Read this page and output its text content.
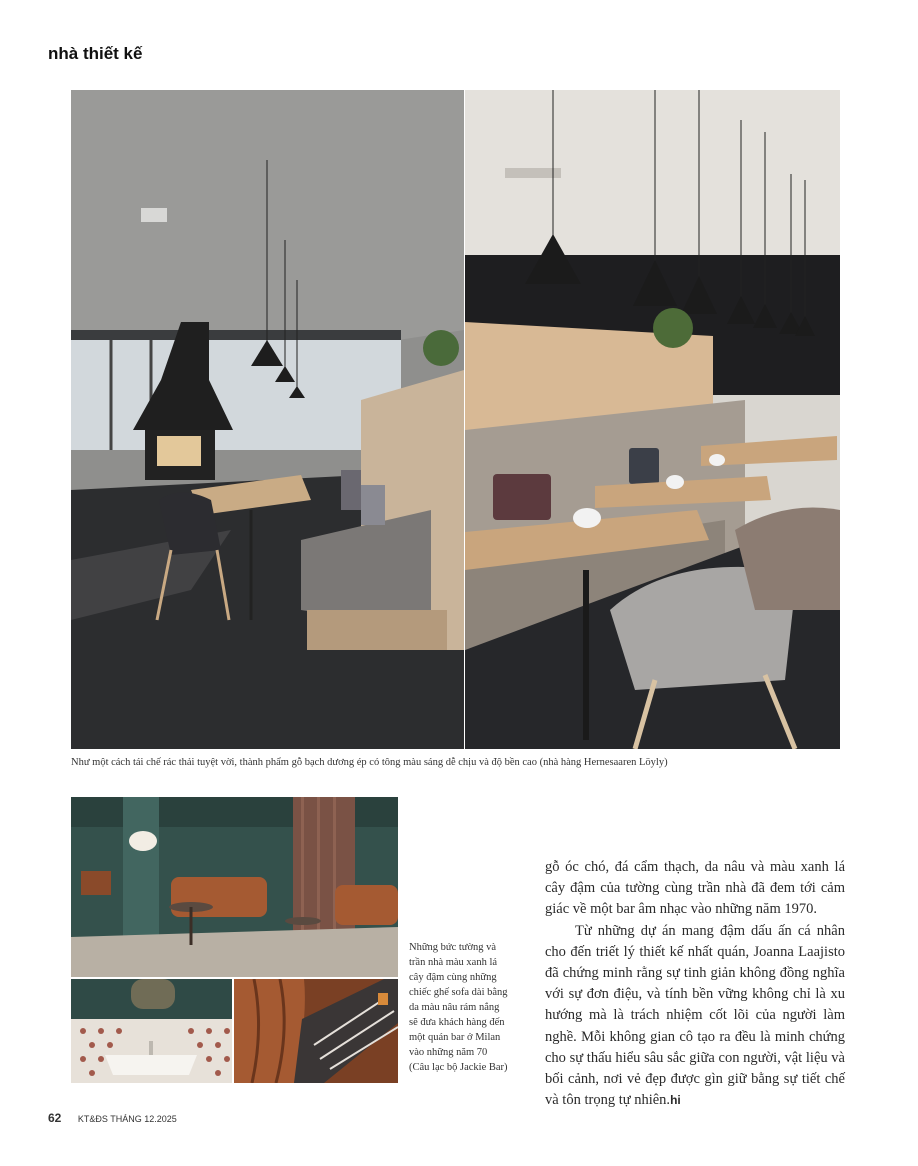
nhà thiết kế
Như một cách tái chế rác thải tuyệt vời, thành phẩm gỗ bạch dương ép có tông màu sáng dễ chịu và độ bền cao (nhà hàng Hernesaaren Löyly)
Những bức tường và trần nhà màu xanh lá cây đậm cùng những chiếc ghế sofa dài bằng da màu nâu rám nắng sẽ đưa khách hàng đến một quán bar ở Milan vào những năm 70 (Câu lạc bộ Jackie Bar)

gỗ óc chó, đá cẩm thạch, da nâu và màu xanh lá cây đậm của tường cùng trần nhà đã đem tới cảm giác về một bar âm nhạc vào những năm 1970.

Từ những dự án mang đậm dấu ấn cá nhân cho đến triết lý thiết kế nhất quán, Joanna Laajisto đã chứng minh rằng sự tinh giản không đồng nghĩa với sự đơn điệu, và tính bền vững không chỉ là xu hướng mà là trách nhiệm cốt lõi của người làm nghề. Mỗi không gian cô tạo ra đều là minh chứng cho sự thấu hiểu sâu sắc giữa con người, vật liệu và bối cảnh, nơi vẻ đẹp được gìn giữ bằng sự tiết chế và tôn trọng tự nhiên.hi

62 KT&ĐS THÁNG 12.2025
